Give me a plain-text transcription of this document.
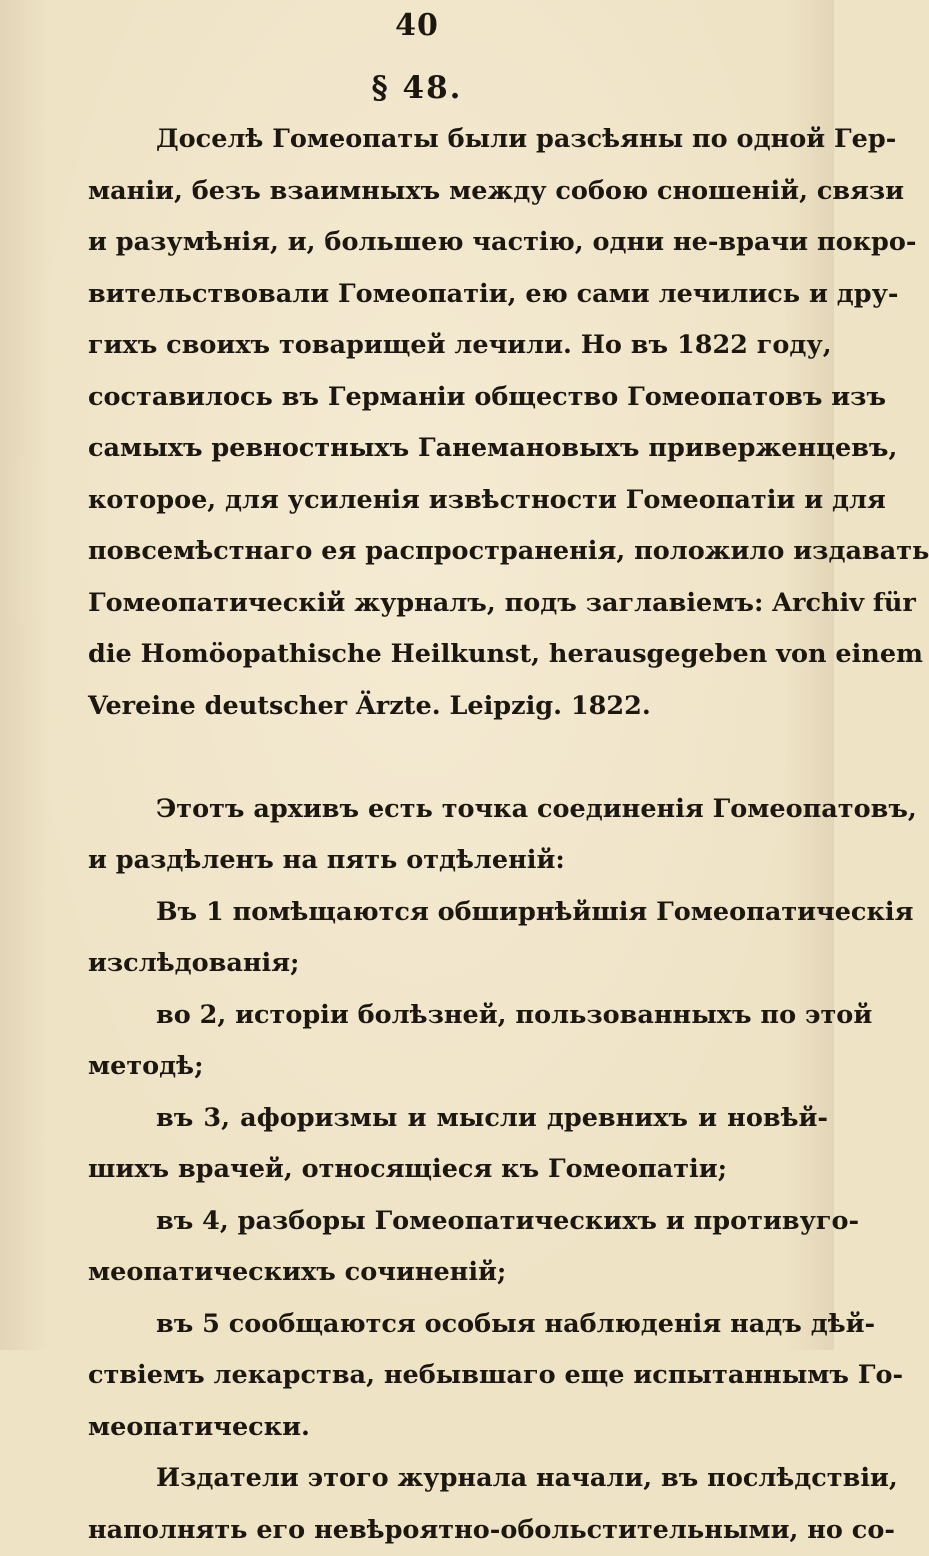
40
§ 48.
Доселѣ Гомеопаты были разсѣяны по одной Гер-
маніи, безъ взаимныхъ между собою сношеній, связи
и разумѣнія, и, большею частію, одни не-врачи покро-
вительствовали Гомеопатіи, ею сами лечились и дру-
гихъ своихъ товарищей лечили. Но въ 1822 году,
составилось въ Германіи общество Гомеопатовъ изъ
самыхъ ревностныхъ Ганемановыхъ приверженцевъ,
которое, для усиленія извѣстности Гомеопатіи и для
повсемѣстнаго ея распространенія, положило издавать
Гомеопатическій журналъ, подъ заглавіемъ: Archiv für
die Homöopathische Heilkunst, herausgegeben von einem
Vereine deutscher Ärzte. Leipzig. 1822.
Этотъ архивъ есть точка соединенія Гомеопатовъ,
и раздѣленъ на пять отдѣленій:
Въ 1 помѣщаются обширнѣйшія Гомеопатическія
изслѣдованія;
во 2, исторіи болѣзней, пользованныхъ по этой
методѣ;
въ 3, афоризмы и мысли древнихъ и новѣй-
шихъ врачей, относящіеся къ Гомеопатіи;
въ 4, разборы Гомеопатическихъ и противуго-
меопатическихъ сочиненій;
въ 5 сообщаются особыя наблюденія надъ дѣй-
ствіемъ лекарства, небывшаго еще испытаннымъ Го-
меопатически.
Издатели этого журнала начали, въ послѣдствіи,
наполнять его невѣроятно-обольстительными, но со-
